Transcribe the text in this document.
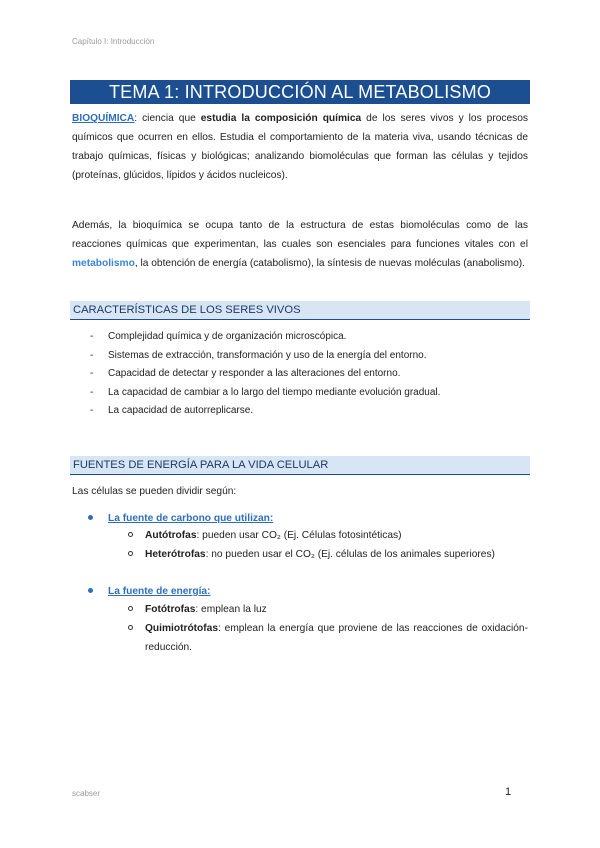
Capítulo I: Introducción
TEMA 1: INTRODUCCIÓN AL METABOLISMO
BIOQUÍMICA: ciencia que estudia la composición química de los seres vivos y los procesos químicos que ocurren en ellos. Estudia el comportamiento de la materia viva, usando técnicas de trabajo químicas, físicas y biológicas; analizando biomoléculas que forman las células y tejidos (proteínas, glúcidos, lípidos y ácidos nucleicos).
Además, la bioquímica se ocupa tanto de la estructura de estas biomoléculas como de las reacciones químicas que experimentan, las cuales son esenciales para funciones vitales con el metabolismo, la obtención de energía (catabolismo), la síntesis de nuevas moléculas (anabolismo).
CARACTERÍSTICAS DE LOS SERES VIVOS
- Complejidad química y de organización microscópica.
- Sistemas de extracción, transformación y uso de la energía del entorno.
- Capacidad de detectar y responder a las alteraciones del entorno.
- La capacidad de cambiar a lo largo del tiempo mediante evolución gradual.
- La capacidad de autorreplicarse.
FUENTES DE ENERGÍA PARA LA VIDA CELULAR
Las células se pueden dividir según:
La fuente de carbono que utilizan:
Autótrofas: pueden usar CO₂ (Ej. Células fotosintéticas)
Heterótrofas: no pueden usar el CO₂ (Ej. células de los animales superiores)
La fuente de energía:
Fotótrofas: emplean la luz
Quimiotrótofas: emplean la energía que proviene de las reacciones de oxidación-reducción.
scabser	1
